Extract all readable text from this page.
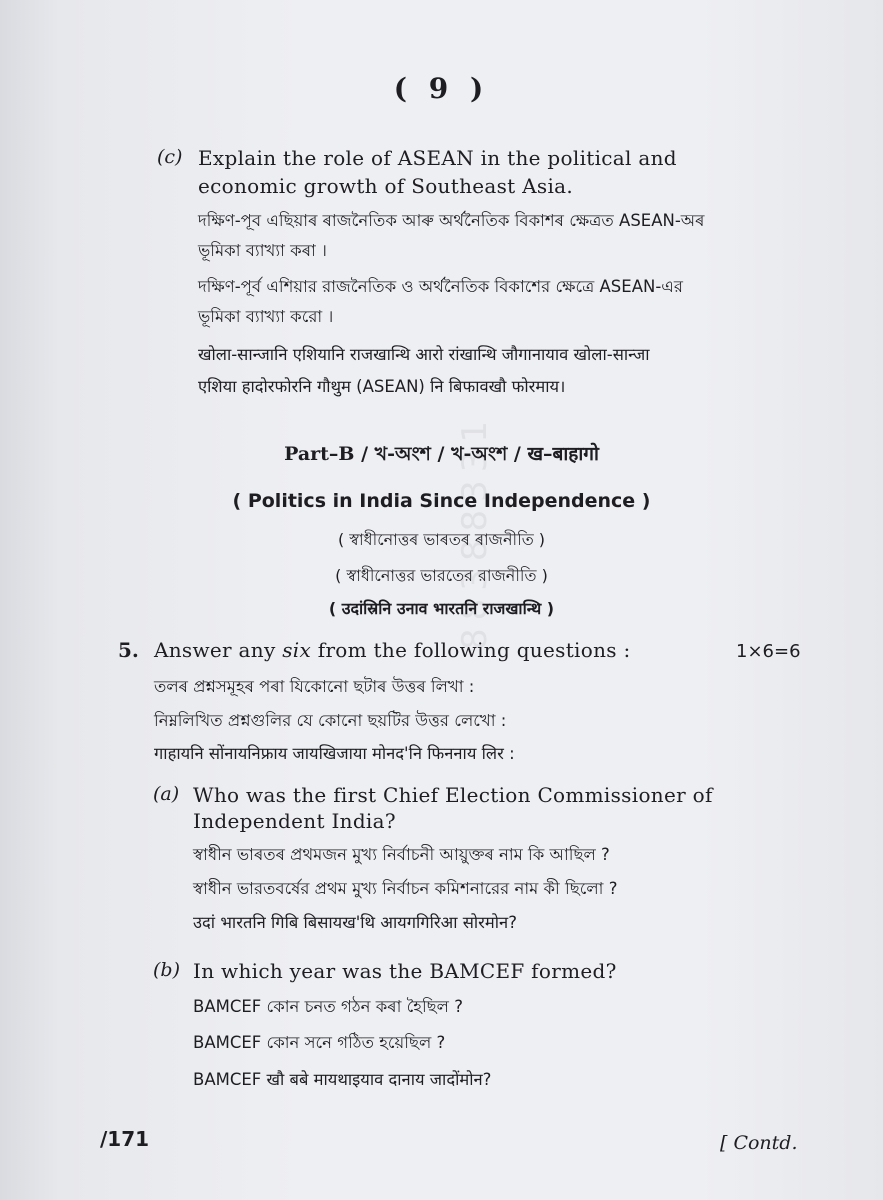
88388331
( 9 )
(c) Explain the role of ASEAN in the political and
economic growth of Southeast Asia.
দক্ষিণ-পূব এছিয়াৰ ৰাজনৈতিক আৰু অৰ্থনৈতিক বিকাশৰ ক্ষেত্ৰত ASEAN-অৰ
ভূমিকা ব্যাখ্যা কৰা ।
দক্ষিণ-পূর্ব এশিয়ার রাজনৈতিক ও অর্থনৈতিক বিকাশের ক্ষেত্রে ASEAN-এর
ভূমিকা ব্যাখ্যা করো ।
खोला-सान्जानि एशियानि राजखान्थि आरो रांखान्थि जौगानायाव खोला-सान्जा
एशिया हादोरफोरनि गौथुम (ASEAN) नि बिफावखौ फोरमाय।
Part–B / খ-অংশ / খ-অংশ / ख–बाहागो
( Politics in India Since Independence )
( স্বাধীনোত্তৰ ভাৰতৰ ৰাজনীতি )
( স্বাধীনোত্তর ভারতের রাজনীতি )
( उदांस्रिनि उनाव भारतनि राजखान्थि )
5. Answer any six from the following questions :	1×6=6
তলৰ প্ৰশ্নসমূহৰ পৰা যিকোনো ছটাৰ উত্তৰ লিখা :
নিম্নলিখিত প্রশ্নগুলির যে কোনো ছয়টির উত্তর লেখো :
गाहायनि सोंनायनिफ्राय जायखिजाया मोनद'नि फिननाय लिर :
(a) Who was the first Chief Election Commissioner of
Independent India?
স্বাধীন ভাৰতৰ প্ৰথমজন মুখ্য নিৰ্বাচনী আয়ুক্তৰ নাম কি আছিল ?
স্বাধীন ভারতবর্ষের প্রথম মুখ্য নির্বাচন কমিশনারের নাম কী ছিলো ?
उदां भारतनि गिबि बिसायख'थि आयगगिरिआ सोरमोन?
(b) In which year was the BAMCEF formed?
BAMCEF কোন চনত গঠন কৰা হৈছিল ?
BAMCEF কোন সনে গঠিত হয়েছিল ?
BAMCEF खौ बबे मायथाइयाव दानाय जादोंमोन?
/171	[ Contd.
